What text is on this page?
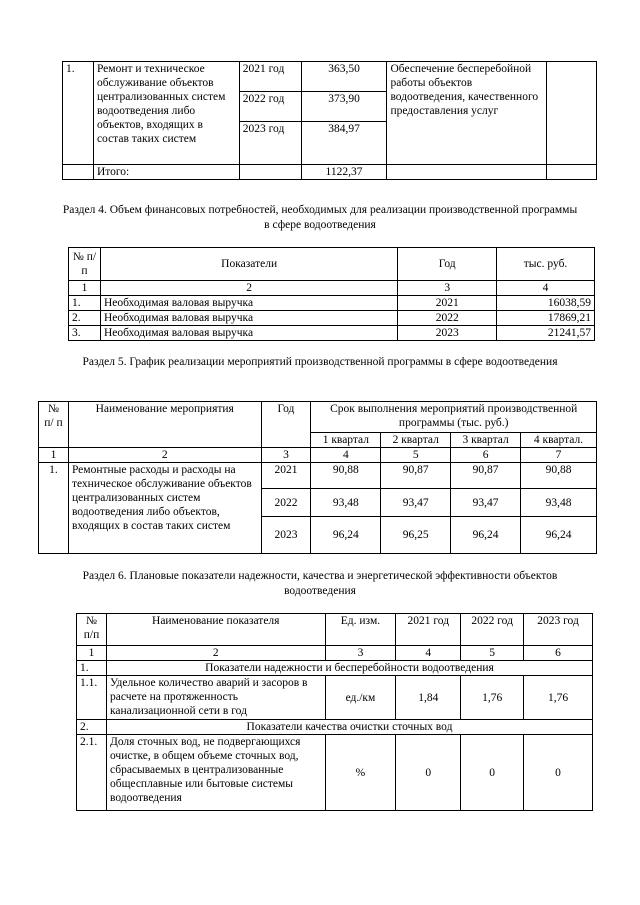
1.	Ремонт и техническое обслуживание объектов централизованных систем водоотведения либо объектов, входящих в состав таких систем	2021 год	363,50	Обеспечение бесперебойной работы объектов водоотведения, качественного предоставления услуг	
		2022 год	373,90		
		2023 год	384,97		
	Итого:		1122,37		
Раздел 4. Объем финансовых потребностей, необходимых для реализации производственной программы в сфере водоотведения
№ п/п	Показатели	Год	тыс. руб.
1	2	3	4
1.	Необходимая валовая выручка	2021	16038,59
2.	Необходимая валовая выручка	2022	17869,21
3.	Необходимая валовая выручка	2023	21241,57
Раздел 5. График реализации мероприятий производственной программы в сфере водоотведения
№ п/ п	Наименование мероприятия	Год	Срок выполнения мероприятий производственной программы (тыс. руб.)			
			1 квартал	2 квартал	3 квартал	4 квартал.
1	2	3	4	5	6	7
1.	Ремонтные расходы и расходы на техническое обслуживание объектов централизованных систем водоотведения либо объектов, входящих в состав таких систем	2021	90,88	90,87	90,87	90,88
		2022	93,48	93,47	93,47	93,48
		2023	96,24	96,25	96,24	96,24
Раздел 6. Плановые показатели надежности, качества и энергетической эффективности объектов водоотведения
№ п/п	Наименование показателя	Ед. изм.	2021 год	2022 год	2023 год
1	2	3	4	5	6
1.	Показатели надежности и бесперебойности водоотведения				
1.1.	Удельное количество аварий и засоров в расчете на протяженность канализационной сети в год	ед./км	1,84	1,76	1,76
2.	Показатели качества очистки сточных вод				
2.1.	Доля сточных вод, не подвергающихся очистке, в общем объеме сточных вод, сбрасываемых в централизованные общесплавные или бытовые системы водоотведения	%	0	0	0
